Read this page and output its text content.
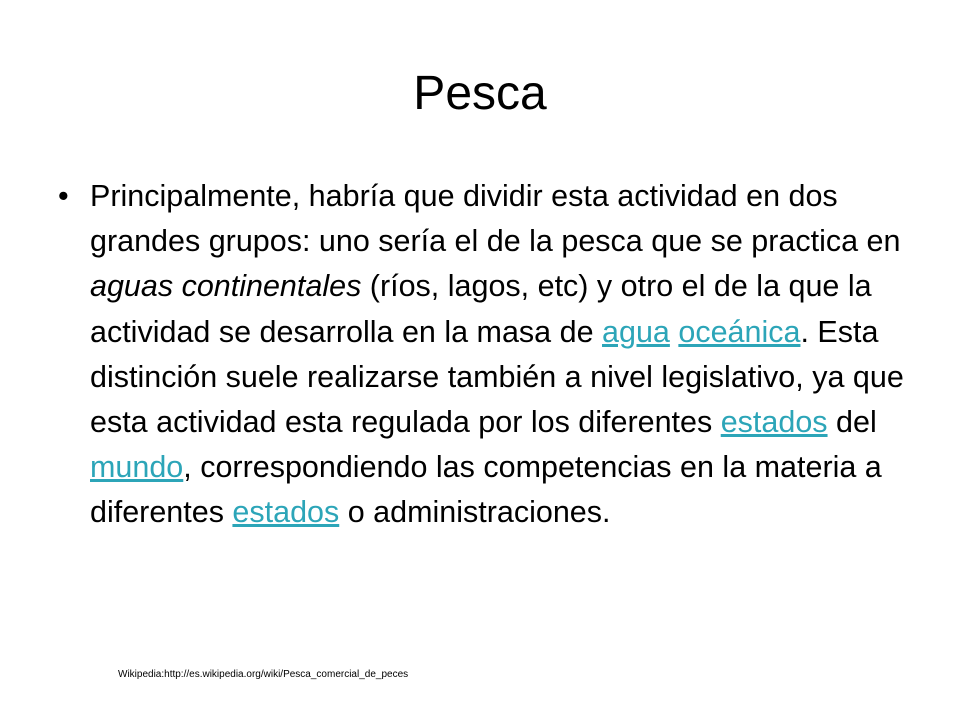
Pesca
• Principalmente, habría que dividir esta actividad en dos grandes grupos: uno sería el de la pesca que se practica en aguas continentales (ríos, lagos, etc) y otro el de la que la actividad se desarrolla en la masa de agua oceánica. Esta distinción suele realizarse también a nivel legislativo, ya que esta actividad esta regulada por los diferentes estados del mundo, correspondiendo las competencias en la materia a diferentes estados o administraciones.
Wikipedia:http://es.wikipedia.org/wiki/Pesca_comercial_de_peces
